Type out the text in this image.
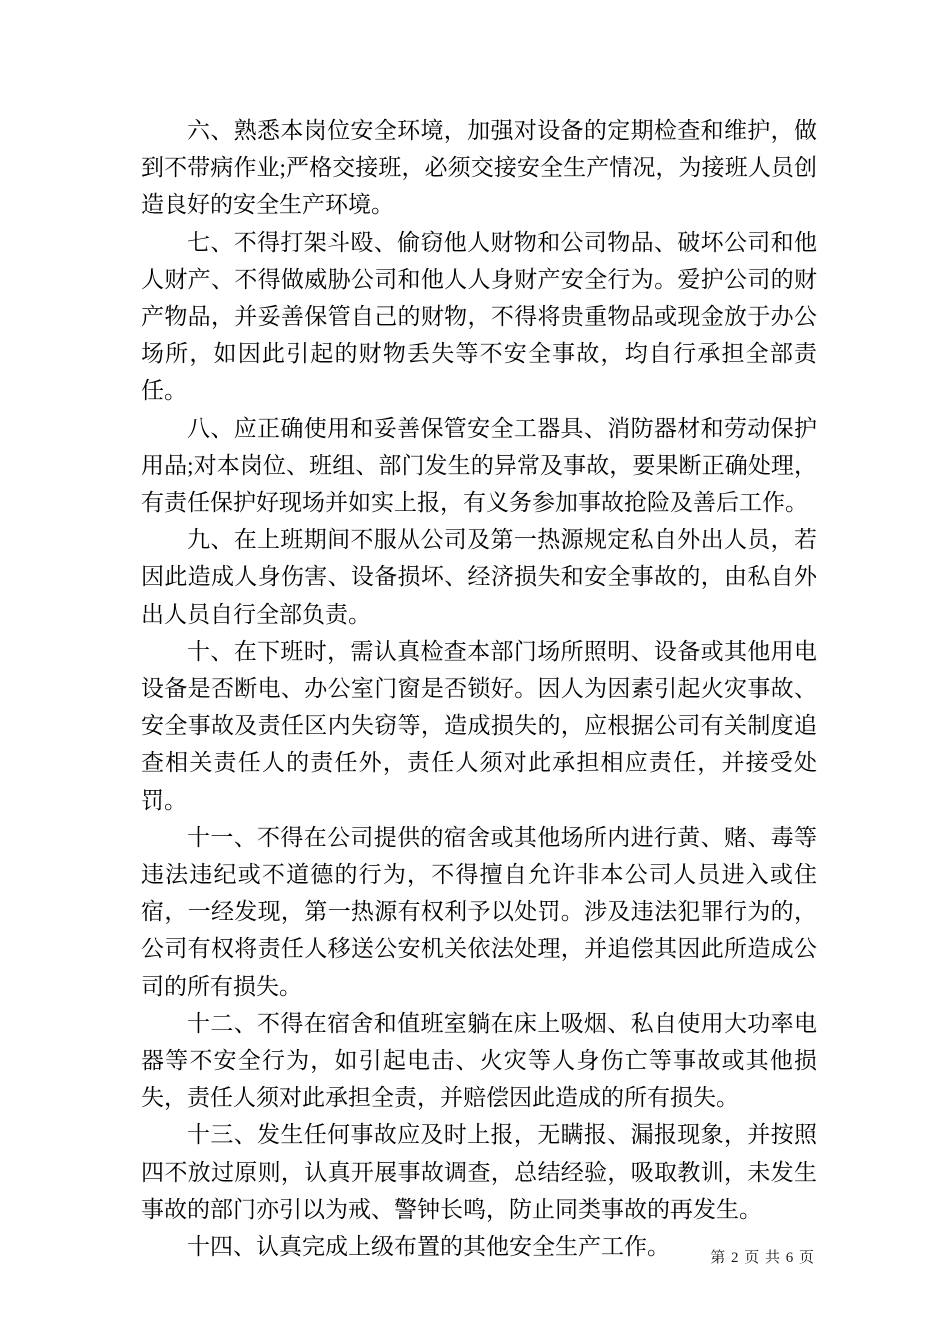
六、熟悉本岗位安全环境，加强对设备的定期检查和维护，做到不带病作业;严格交接班，必须交接安全生产情况，为接班人员创造良好的安全生产环境。

七、不得打架斗殴、偷窃他人财物和公司物品、破坏公司和他人财产、不得做威胁公司和他人人身财产安全行为。爱护公司的财产物品，并妥善保管自己的财物，不得将贵重物品或现金放于办公场所，如因此引起的财物丢失等不安全事故，均自行承担全部责任。

八、应正确使用和妥善保管安全工器具、消防器材和劳动保护用品;对本岗位、班组、部门发生的异常及事故，要果断正确处理，有责任保护好现场并如实上报，有义务参加事故抢险及善后工作。

九、在上班期间不服从公司及第一热源规定私自外出人员，若因此造成人身伤害、设备损坏、经济损失和安全事故的，由私自外出人员自行全部负责。

十、在下班时，需认真检查本部门场所照明、设备或其他用电设备是否断电、办公室门窗是否锁好。因人为因素引起火灾事故、安全事故及责任区内失窃等，造成损失的，应根据公司有关制度追查相关责任人的责任外，责任人须对此承担相应责任，并接受处罚。

十一、不得在公司提供的宿舍或其他场所内进行黄、赌、毒等违法违纪或不道德的行为，不得擅自允许非本公司人员进入或住宿，一经发现，第一热源有权利予以处罚。涉及违法犯罪行为的，公司有权将责任人移送公安机关依法处理，并追偿其因此所造成公司的所有损失。

十二、不得在宿舍和值班室躺在床上吸烟、私自使用大功率电器等不安全行为，如引起电击、火灾等人身伤亡等事故或其他损失，责任人须对此承担全责，并赔偿因此造成的所有损失。

十三、发生任何事故应及时上报，无瞒报、漏报现象，并按照四不放过原则，认真开展事故调查，总结经验，吸取教训，未发生事故的部门亦引以为戒、警钟长鸣，防止同类事故的再发生。

十四、认真完成上级布置的其他安全生产工作。	第 2 页 共 6 页
